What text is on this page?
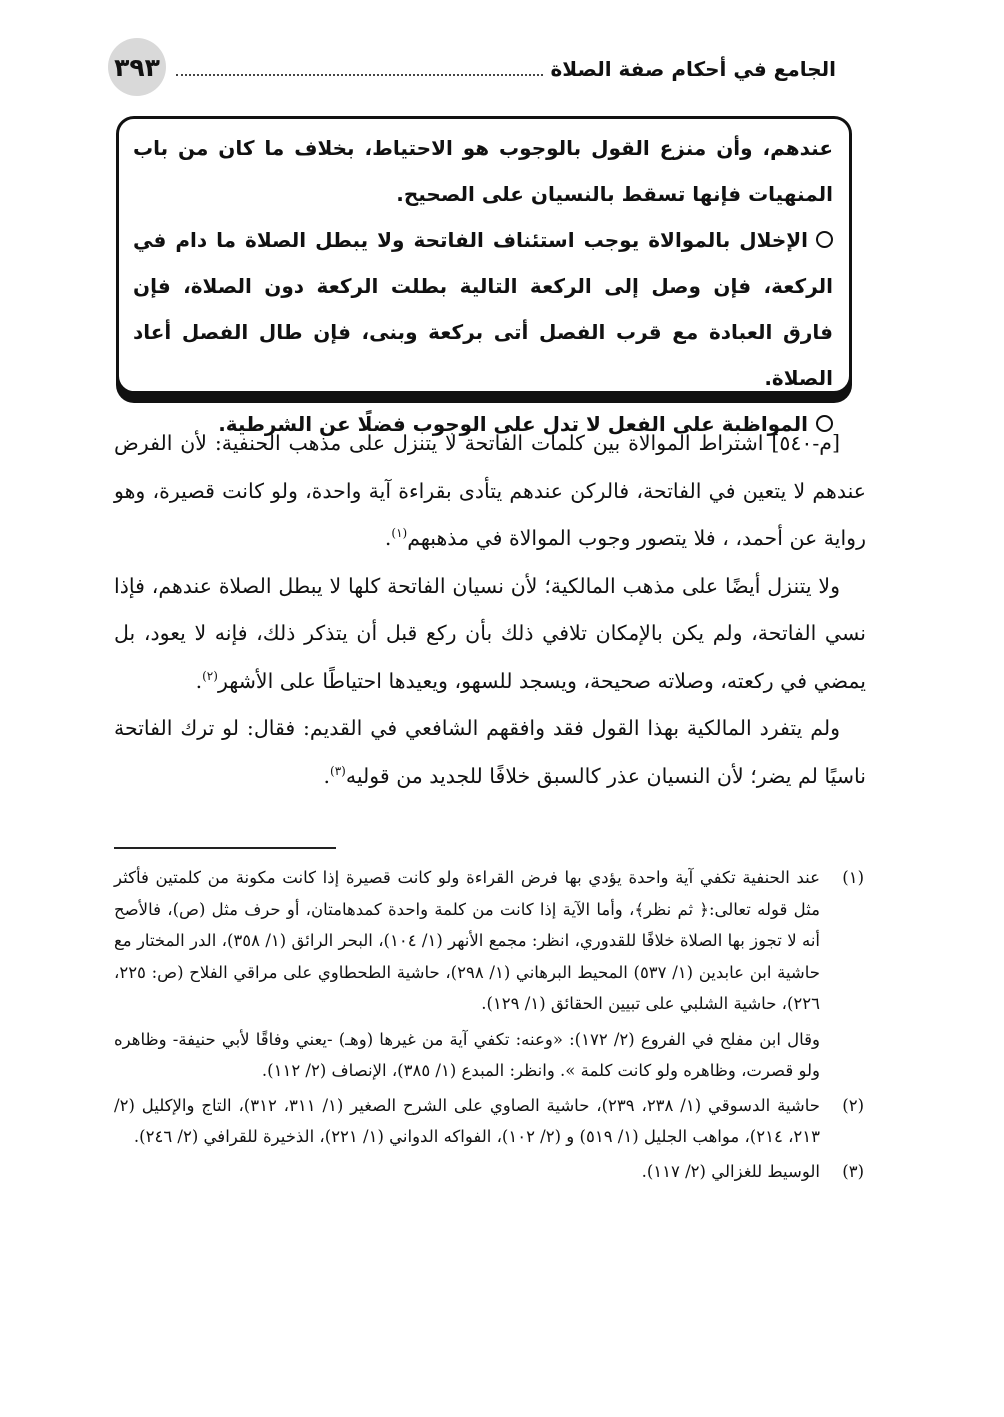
٣٩٣	الجامع في أحكام صفة الصلاة

عندهم، وأن منزع القول بالوجوب هو الاحتياط، بخلاف ما كان من باب المنهيات فإنها تسقط بالنسيان على الصحيح.

الإخلال بالموالاة يوجب استئناف الفاتحة ولا يبطل الصلاة ما دام في الركعة، فإن وصل إلى الركعة التالية بطلت الركعة دون الصلاة، فإن فارق العبادة مع قرب الفصل أتى بركعة وبنى، فإن طال الفصل أعاد الصلاة.

المواظبة على الفعل لا تدل على الوجوب فضلًا عن الشرطية.

[م-٥٤٠] اشتراط الموالاة بين كلمات الفاتحة لا يتنزل على مذهب الحنفية: لأن الفرض عندهم لا يتعين في الفاتحة، فالركن عندهم يتأدى بقراءة آية واحدة، ولو كانت قصيرة، وهو رواية عن أحمد، ، فلا يتصور وجوب الموالاة في مذهبهم$^{(١)}$.

ولا يتنزل أيضًا على مذهب المالكية؛ لأن نسيان الفاتحة كلها لا يبطل الصلاة عندهم، فإذا نسي الفاتحة، ولم يكن بالإمكان تلافي ذلك بأن ركع قبل أن يتذكر ذلك، فإنه لا يعود، بل يمضي في ركعته، وصلاته صحيحة، ويسجد للسهو، ويعيدها احتياطًا على الأشهر$^{(٢)}$.

ولم يتفرد المالكية بهذا القول فقد وافقهم الشافعي في القديم: فقال: لو ترك الفاتحة ناسيًا لم يضر؛ لأن النسيان عذر كالسبق خلافًا للجديد من قوليه$^{(٣)}$.

(١)

عند الحنفية تكفي آية واحدة يؤدي بها فرض القراءة ولو كانت قصيرة إذا كانت مكونة من كلمتين فأكثر مثل قوله تعالى:﴿ ثم نظر﴾، وأما الآية إذا كانت من كلمة واحدة كمدهامتان، أو حرف مثل (ص)، فالأصح أنه لا تجوز بها الصلاة خلافًا للقدوري، انظر: مجمع الأنهر (١/ ١٠٤)، البحر الرائق (١/ ٣٥٨)، الدر المختار مع حاشية ابن عابدين (١/ ٥٣٧) المحيط البرهاني (١/ ٢٩٨)، حاشية الطحطاوي على مراقي الفلاح (ص: ٢٢٥، ٢٢٦)، حاشية الشلبي على تبيين الحقائق (١/ ١٢٩).

وقال ابن مفلح في الفروع (٢/ ١٧٢): «وعنه: تكفي آية من غيرها (وهـ) -يعني وفاقًا لأبي حنيفة- وظاهره ولو قصرت، وظاهره ولو كانت كلمة ». وانظر: المبدع (١/ ٣٨٥)، الإنصاف (٢/ ١١٢).

(٢)

حاشية الدسوقي (١/ ٢٣٨، ٢٣٩)، حاشية الصاوي على الشرح الصغير (١/ ٣١١، ٣١٢)، التاج والإكليل (٢/ ٢١٣، ٢١٤)، مواهب الجليل (١/ ٥١٩) و (٢/ ١٠٢)، الفواكه الدواني (١/ ٢٢١)، الذخيرة للقرافي (٢/ ٢٤٦).

(٣)

الوسيط للغزالي (٢/ ١١٧).
